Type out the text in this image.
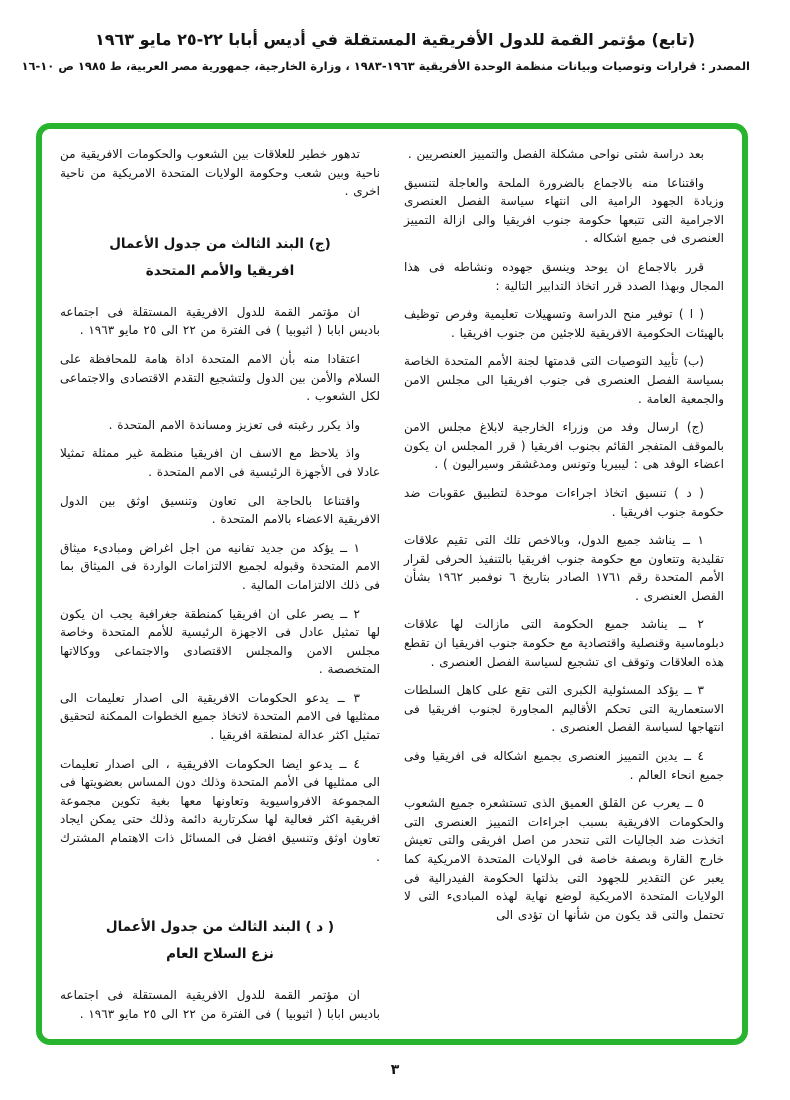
(تابع) مؤتمر القمة للدول الأفريقية المستقلة في أديس أبابا ٢٢-٢٥ مايو ١٩٦٣
المصدر : قرارات وتوصيات وبيانات منظمة الوحدة الأفريقية ١٩٦٣-١٩٨٣ ، وزارة الخارجية، جمهورية مصر العربية، ط ١٩٨٥ ص ١٠-١٦

بعد دراسة شتى نواحى مشكلة الفصل والتمييز العنصريين .

واقتناعا منه بالاجماع بالضرورة الملحة والعاجلة لتنسيق وزيادة الجهود الرامية الى انتهاء سياسة الفصل العنصرى الاجرامية التى تتبعها حكومة جنوب افريقيا والى ازالة التمييز العنصرى فى جميع اشكاله .

قرر بالاجماع ان يوحد وينسق جهوده ونشاطه فى هذا المجال وبهذا الصدد قرر اتخاذ التدابير التالية :

( ا ) توفير منح الدراسة وتسهيلات تعليمية وفرص توظيف بالهيئات الحكومية الافريقية للاجئين من جنوب افريقيا .

(ب) تأييد التوصيات التى قدمتها لجنة الأمم المتحدة الخاصة بسياسة الفصل العنصرى فى جنوب افريقيا الى مجلس الامن والجمعية العامة .

(ج) ارسال وفد من وزراء الخارجية لابلاغ مجلس الامن بالموقف المتفجر القائم بجنوب افريقيا ( قرر المجلس ان يكون اعضاء الوفد هى : ليبيريا وتونس ومدغشقر وسيراليون ) .

( د ) تنسيق اتخاذ اجراءات موحدة لتطبيق عقوبات ضد حكومة جنوب افريقيا .

١ ــ يناشد جميع الدول، وبالاخص تلك التى تقيم علاقات تقليدية وتتعاون مع حكومة جنوب افريقيا بالتنفيذ الحرفى لقرار الأمم المتحدة رقم ١٧٦١ الصادر بتاريخ ٦ نوفمبر ١٩٦٢ بشأن الفصل العنصرى .

٢ ــ يناشد جميع الحكومة التى مازالت لها علاقات دبلوماسية وقنصلية واقتصادية مع حكومة جنوب افريقيا ان تقطع هذه العلاقات وتوقف اى تشجيع لسياسة الفصل العنصرى .

٣ ــ يؤكد المسئولية الكبرى التى تقع على كاهل السلطات الاستعمارية التى تحكم الأقاليم المجاورة لجنوب افريقيا فى انتهاجها لسياسة الفصل العنصرى .

٤ ــ يدين التمييز العنصرى بجميع اشكاله فى افريقيا وفى جميع انحاء العالم .

٥ ــ يعرب عن القلق العميق الذى تستشعره جميع الشعوب والحكومات الافريقية بسبب اجراءات التمييز العنصرى التى اتخذت ضد الجاليات التى تنحدر من اصل افريقى والتى تعيش خارج القارة وبصفة خاصة فى الولايات المتحدة الامريكية كما يعبر عن التقدير للجهود التى بذلتها الحكومة الفيدرالية فى الولايات المتحدة الامريكية لوضع نهاية لهذه المبادىء التى لا تحتمل والتى قد يكون من شأنها ان تؤدى الى

تدهور خطير للعلاقات بين الشعوب والحكومات الافريقية من ناحية وبين شعب وحكومة الولايات المتحدة الامريكية من ناحية اخرى .

(ج) البند الثالث من جدول الأعمال
افريقيا والأمم المتحدة

ان مؤتمر القمة للدول الافريقية المستقلة فى اجتماعه باديس ابابا ( اثيوبيا ) فى الفترة من ٢٢ الى ٢٥ مايو ١٩٦٣ .

اعتقادا منه بأن الامم المتحدة اداة هامة للمحافظة على السلام والأمن بين الدول ولتشجيع التقدم الاقتصادى والاجتماعى لكل الشعوب .

واذ يكرر رغبته فى تعزيز ومساندة الامم المتحدة .

واذ يلاحظ مع الاسف ان افريقيا منظمة غير ممثلة تمثيلا عادلا فى الأجهزة الرئيسية فى الامم المتحدة .

واقتناعا بالحاجة الى تعاون وتنسيق اوثق بين الدول الافريقية الاعضاء بالامم المتحدة .

١ ــ يؤكد من جديد تفانيه من اجل اغراض ومبادىء ميثاق الامم المتحدة وقبوله لجميع الالتزامات الواردة فى الميثاق بما فى ذلك الالتزامات المالية .

٢ ــ يصر على ان افريقيا كمنطقة جغرافية يجب ان يكون لها تمثيل عادل فى الاجهزة الرئيسية للأمم المتحدة وخاصة مجلس الامن والمجلس الاقتصادى والاجتماعى ووكالاتها المتخصصة .

٣ ــ يدعو الحكومات الافريقية الى اصدار تعليمات الى ممثليها فى الامم المتحدة لاتخاذ جميع الخطوات الممكنة لتحقيق تمثيل اكثر عدالة لمنطقة افريقيا .

٤ ــ يدعو ايضا الحكومات الافريقية ، الى اصدار تعليمات الى ممثليها فى الأمم المتحدة وذلك دون المساس بعضويتها فى المجموعة الافرواسيوية وتعاونها معها بغية تكوين مجموعة افريقية اكثر فعالية لها سكرتارية دائمة وذلك حتى يمكن ايجاد تعاون اوثق وتنسيق افضل فى المسائل ذات الاهتمام المشترك .

( د ) البند الثالث من جدول الأعمال
نزع السلاح العام

ان مؤتمر القمة للدول الافريقية المستقلة فى اجتماعه باديس ابابا ( اثيوبيا ) فى الفترة من ٢٢ الى ٢٥ مايو ١٩٦٣ .

٣
